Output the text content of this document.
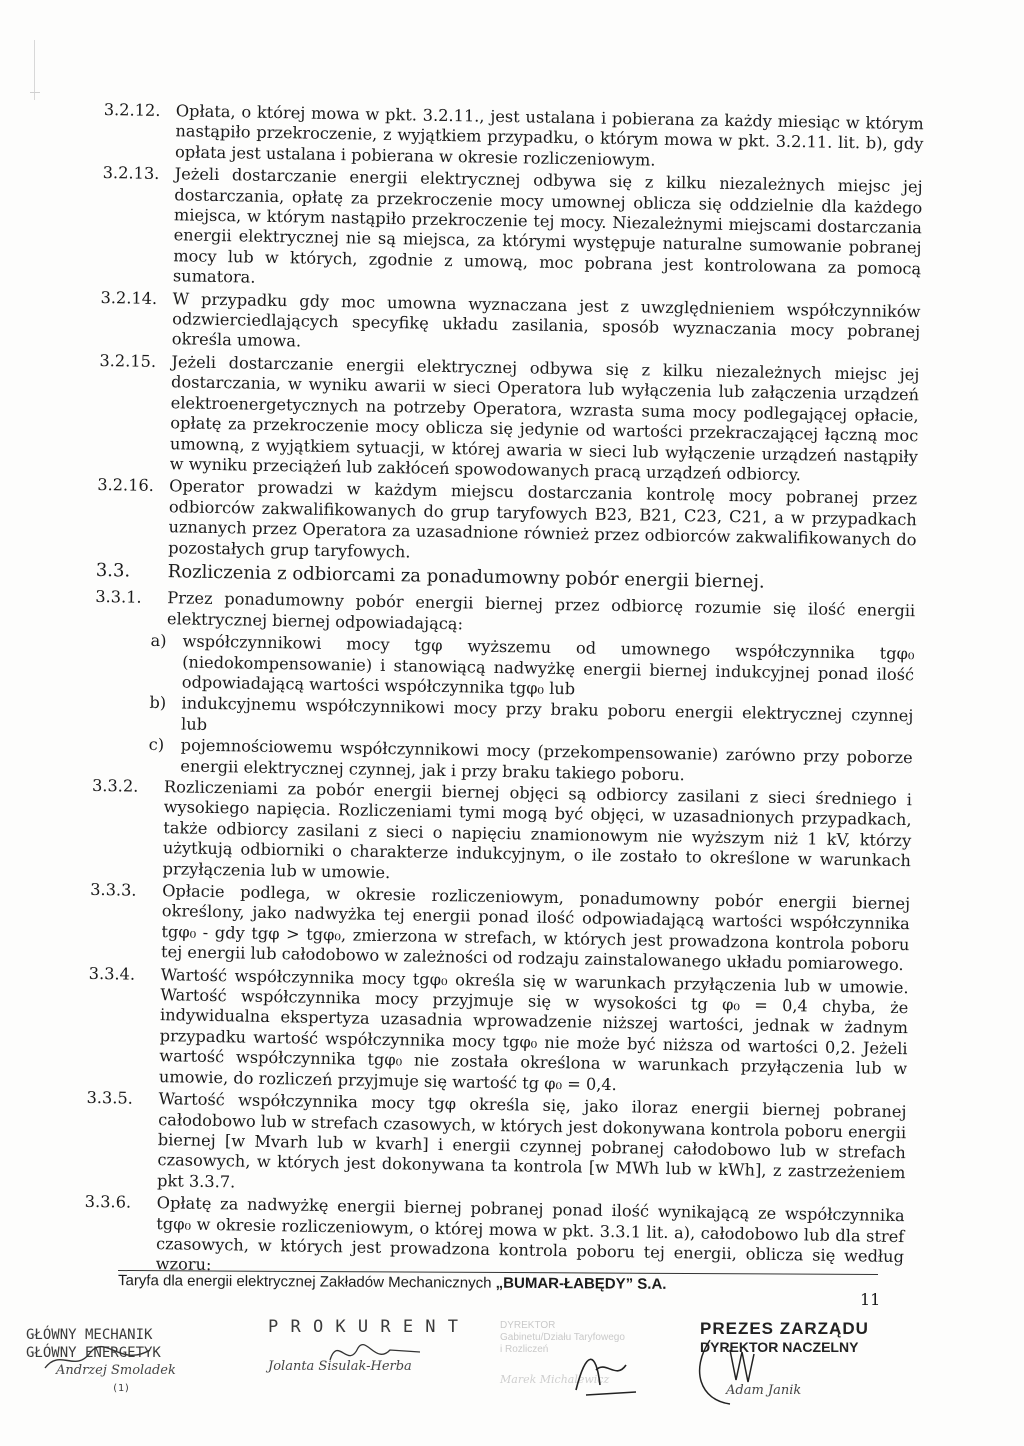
3.2.12. Opłata, o której mowa w pkt. 3.2.11., jest ustalana i pobierana za każdy miesiąc w którym nastąpiło przekroczenie, z wyjątkiem przypadku, o którym mowa w pkt. 3.2.11. lit. b), gdy opłata jest ustalana i pobierana w okresie rozliczeniowym.
3.2.13. Jeżeli dostarczanie energii elektrycznej odbywa się z kilku niezależnych miejsc jej dostarczania, opłatę za przekroczenie mocy umownej oblicza się oddzielnie dla każdego miejsca, w którym nastąpiło przekroczenie tej mocy. Niezależnymi miejscami dostarczania energii elektrycznej nie są miejsca, za którymi występuje naturalne sumowanie pobranej mocy lub w których, zgodnie z umową, moc pobrana jest kontrolowana za pomocą sumatora.
3.2.14. W przypadku gdy moc umowna wyznaczana jest z uwzględnieniem współczynników odzwierciedlających specyfikę układu zasilania, sposób wyznaczania mocy pobranej określa umowa.
3.2.15. Jeżeli dostarczanie energii elektrycznej odbywa się z kilku niezależnych miejsc jej dostarczania, w wyniku awarii w sieci Operatora lub wyłączenia lub załączenia urządzeń elektroenergetycznych na potrzeby Operatora, wzrasta suma mocy podlegającej opłacie, opłatę za przekroczenie mocy oblicza się jedynie od wartości przekraczającej łączną moc umowną, z wyjątkiem sytuacji, w której awaria w sieci lub wyłączenie urządzeń nastąpiły w wyniku przeciążeń lub zakłóceń spowodowanych pracą urządzeń odbiorcy.
3.2.16. Operator prowadzi w każdym miejscu dostarczania kontrolę mocy pobranej przez odbiorców zakwalifikowanych do grup taryfowych B23, B21, C23, C21, a w przypadkach uznanych przez Operatora za uzasadnione również przez odbiorców zakwalifikowanych do pozostałych grup taryfowych.
3.3.	Rozliczenia z odbiorcami za ponadumowny pobór energii biernej.
3.3.1.	Przez ponadumowny pobór energii biernej przez odbiorcę rozumie się ilość energii elektrycznej biernej odpowiadającą:
a) współczynnikowi mocy tgφ wyższemu od umownego współczynnika tgφ₀ (niedokompensowanie) i stanowiącą nadwyżkę energii biernej indukcyjnej ponad ilość odpowiadającą wartości współczynnika tgφ₀ lub
b) indukcyjnemu współczynnikowi mocy przy braku poboru energii elektrycznej czynnej lub
c)	pojemnościowemu współczynnikowi mocy (przekompensowanie) zarówno przy poborze energii elektrycznej czynnej, jak i przy braku takiego poboru.
3.3.2.	Rozliczeniami za pobór energii biernej objęci są odbiorcy zasilani z sieci średniego i wysokiego napięcia. Rozliczeniami tymi mogą być objęci, w uzasadnionych przypadkach, także odbiorcy zasilani z sieci o napięciu znamionowym nie wyższym niż 1 kV, którzy użytkują odbiorniki o charakterze indukcyjnym, o ile zostało to określone w warunkach przyłączenia lub w umowie.
3.3.3.	Opłacie podlega, w okresie rozliczeniowym, ponadumowny pobór energii biernej określony, jako nadwyżka tej energii ponad ilość odpowiadającą wartości współczynnika tgφ₀ - gdy tgφ > tgφ₀, zmierzona w strefach, w których jest prowadzona kontrola poboru tej energii lub całodobowo w zależności od rodzaju zainstalowanego układu pomiarowego.
3.3.4.	Wartość współczynnika mocy tgφ₀ określa się w warunkach przyłączenia lub w umowie. Wartość współczynnika mocy przyjmuje się w wysokości tg φ₀ = 0,4 chyba, że indywidualna ekspertyza uzasadnia wprowadzenie niższej wartości, jednak w żadnym przypadku wartość współczynnika mocy tgφ₀ nie może być niższa od wartości 0,2. Jeżeli wartość współczynnika tgφ₀ nie została określona w warunkach przyłączenia lub w umowie, do rozliczeń przyjmuje się wartość tg φ₀ = 0,4.
3.3.5.	Wartość współczynnika mocy tgφ określa się, jako iloraz energii biernej pobranej całodobowo lub w strefach czasowych, w których jest dokonywana kontrola poboru energii biernej [w Mvarh lub w kvarh] i energii czynnej pobranej całodobowo lub w strefach czasowych, w których jest dokonywana ta kontrola [w MWh lub w kWh], z zastrzeżeniem pkt 3.3.7.
3.3.6.	Opłatę za nadwyżkę energii biernej pobranej ponad ilość wynikającą ze współczynnika tgφ₀ w okresie rozliczeniowym, o której mowa w pkt. 3.3.1 lit. a), całodobowo lub dla stref czasowych, w których jest prowadzona kontrola poboru tej energii, oblicza się według wzoru:
Taryfa dla energii elektrycznej Zakładów Mechanicznych „BUMAR-ŁABĘDY” S.A.
11
GŁÓWNY MECHANIK
GŁÓWNY ENERGETYK
Andrzej Smoladek
(1)
P R O K U R E N T
Jolanta Sisulak-Herba
DYREKTOR
Gabinetu/Działu Taryfowego
i Rozliczeń
Marek Michalewicz
PREZES ZARZĄDU
DYREKTOR NACZELNY
Adam Janik
